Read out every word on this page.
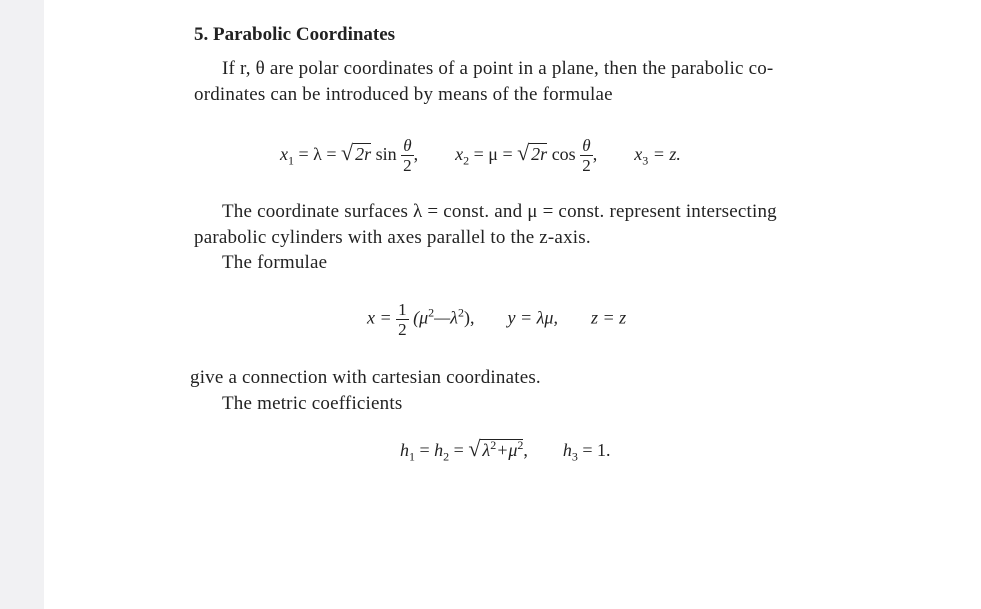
5. Parabolic Coordinates
If r, θ are polar coordinates of a point in a plane, then the parabolic co-
ordinates can be introduced by means of the formulae
$x_1 = \lambda$ = √ 2r $\sin \frac{\theta}{2}$ , $x_2 = \mu$ = √ 2r $\cos \frac{\theta}{2}$ , $x_3 = z$.
The coordinate surfaces λ = const. and μ = const. represent intersecting
parabolic cylinders with axes parallel to the z-axis.
The formulae
$x = \frac{1}{2}$ $(\mu^2—\lambda^2)$, y = λμ, z = z
give a connection with cartesian coordinates.
The metric coefficients
$h_1 = h_2$ = √ $\lambda^2+\mu^2$, $h_3 = 1$.
